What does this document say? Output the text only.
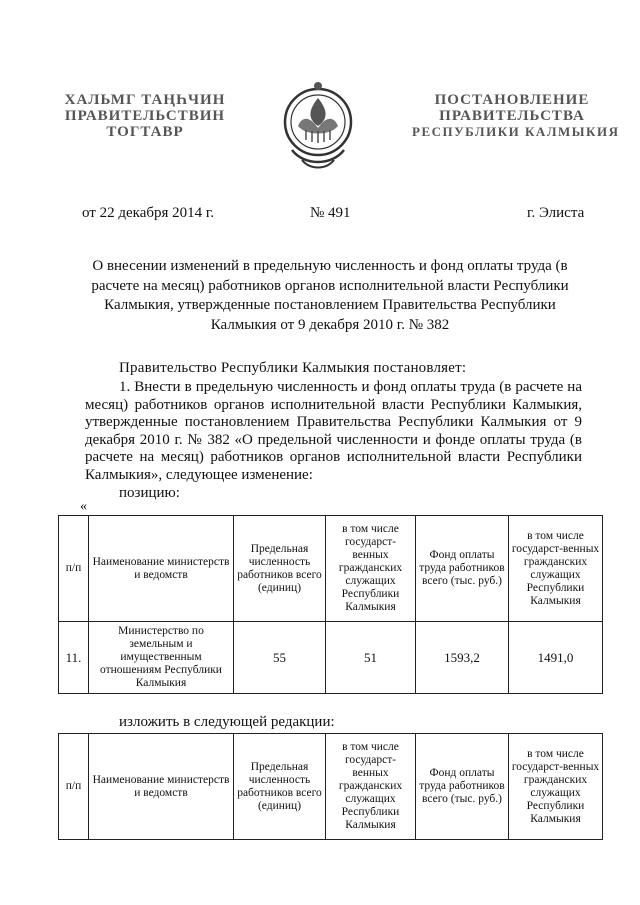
ХАЛЬМГ ТАҢҺЧИН
ПРАВИТЕЛЬСТВИН
ТОГТАВР
ПОСТАНОВЛЕНИЕ
ПРАВИТЕЛЬСТВА
РЕСПУБЛИКИ КАЛМЫКИЯ
от 22 декабря 2014 г.	№ 491	г. Элиста
О внесении изменений в предельную численность и фонд оплаты труда (в расчете на месяц) работников органов исполнительной власти Республики Калмыкия, утвержденные постановлением Правительства Республики Калмыкия от 9 декабря 2010 г. № 382
Правительство Республики Калмыкия постановляет:
1. Внести в предельную численность и фонд оплаты труда (в расчете на месяц) работников органов исполнительной власти Республики Калмыкия, утвержденные постановлением Правительства Республики Калмыкия от 9 декабря 2010 г. № 382 «О предельной численности и фонде оплаты труда (в расчете на месяц) работников органов исполнительной власти Республики Калмыкия», следующее изменение:
позицию:
«
п/п	Наименование министерств и ведомств	Предельная численность работников всего (единиц)	в том числе государст-венных гражданских служащих Республики Калмыкия	Фонд оплаты труда работников всего (тыс. руб.)	в том числе государст-венных гражданских служащих Республики Калмыкия
11.	Министерство по земельным и имущественным отношениям Республики Калмыкия	55	51	1593,2	1491,0
изложить в следующей редакции:
п/п	Наименование министерств и ведомств	Предельная численность работников всего (единиц)	в том числе государст-венных гражданских служащих Республики Калмыкия	Фонд оплаты труда работников всего (тыс. руб.)	в том числе государст-венных гражданских служащих Республики Калмыкия
